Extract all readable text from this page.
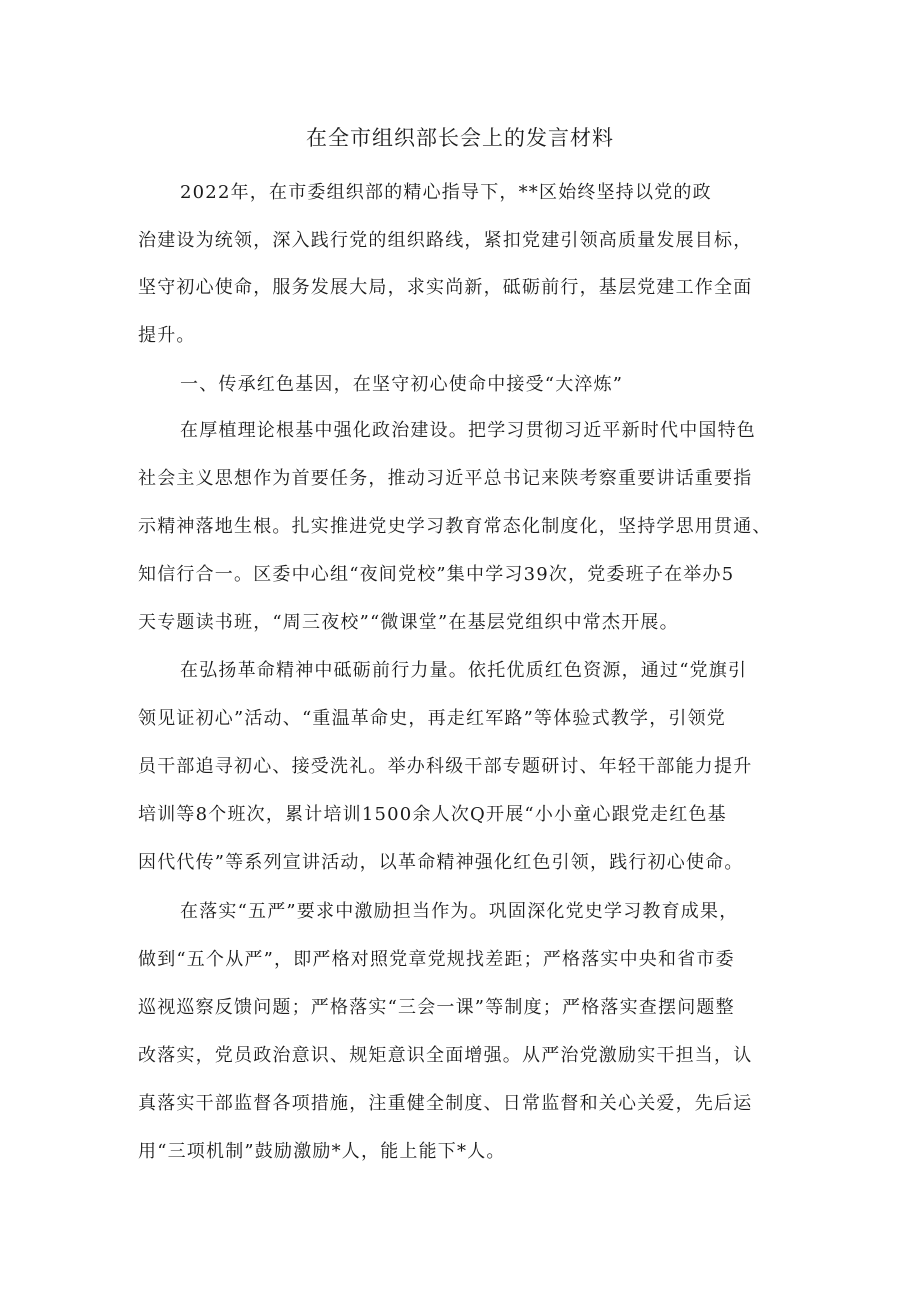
在全市组织部长会上的发言材料
2022年，在市委组织部的精心指导下，**区始终坚持以党的政
治建设为统领，深入践行党的组织路线，紧扣党建引领高质量发展目标，
坚守初心使命，服务发展大局，求实尚新，砥砺前行，基层党建工作全面
提升。
一、传承红色基因，在坚守初心使命中接受“大淬炼”
在厚植理论根基中强化政治建设。把学习贯彻习近平新时代中国特色
社会主义思想作为首要任务，推动习近平总书记来陕考察重要讲话重要指
示精神落地生根。扎实推进党史学习教育常态化制度化，坚持学思用贯通、
知信行合一。区委中心组“夜间党校”集中学习39次，党委班子在举办5
天专题读书班，“周三夜校”“微课堂”在基层党组织中常杰开展。
在弘扬革命精神中砥砺前行力量。依托优质红色资源，通过“党旗引
领见证初心”活动、“重温革命史，再走红军路”等体验式教学，引领党
员干部追寻初心、接受洗礼。举办科级干部专题研讨、年轻干部能力提升
培训等8个班次，累计培训1500余人次Q开展“小小童心跟党走红色基
因代代传”等系列宣讲活动，以革命精神强化红色引领，践行初心使命。
在落实“五严”要求中激励担当作为。巩固深化党史学习教育成果，
做到“五个从严”，即严格对照党章党规找差距；严格落实中央和省市委
巡视巡察反馈问题；严格落实“三会一课”等制度；严格落实查摆问题整
改落实，党员政治意识、规矩意识全面增强。从严治党激励实干担当，认
真落实干部监督各项措施，注重健全制度、日常监督和关心关爱，先后运
用“三项机制”鼓励激励*人，能上能下*人。
